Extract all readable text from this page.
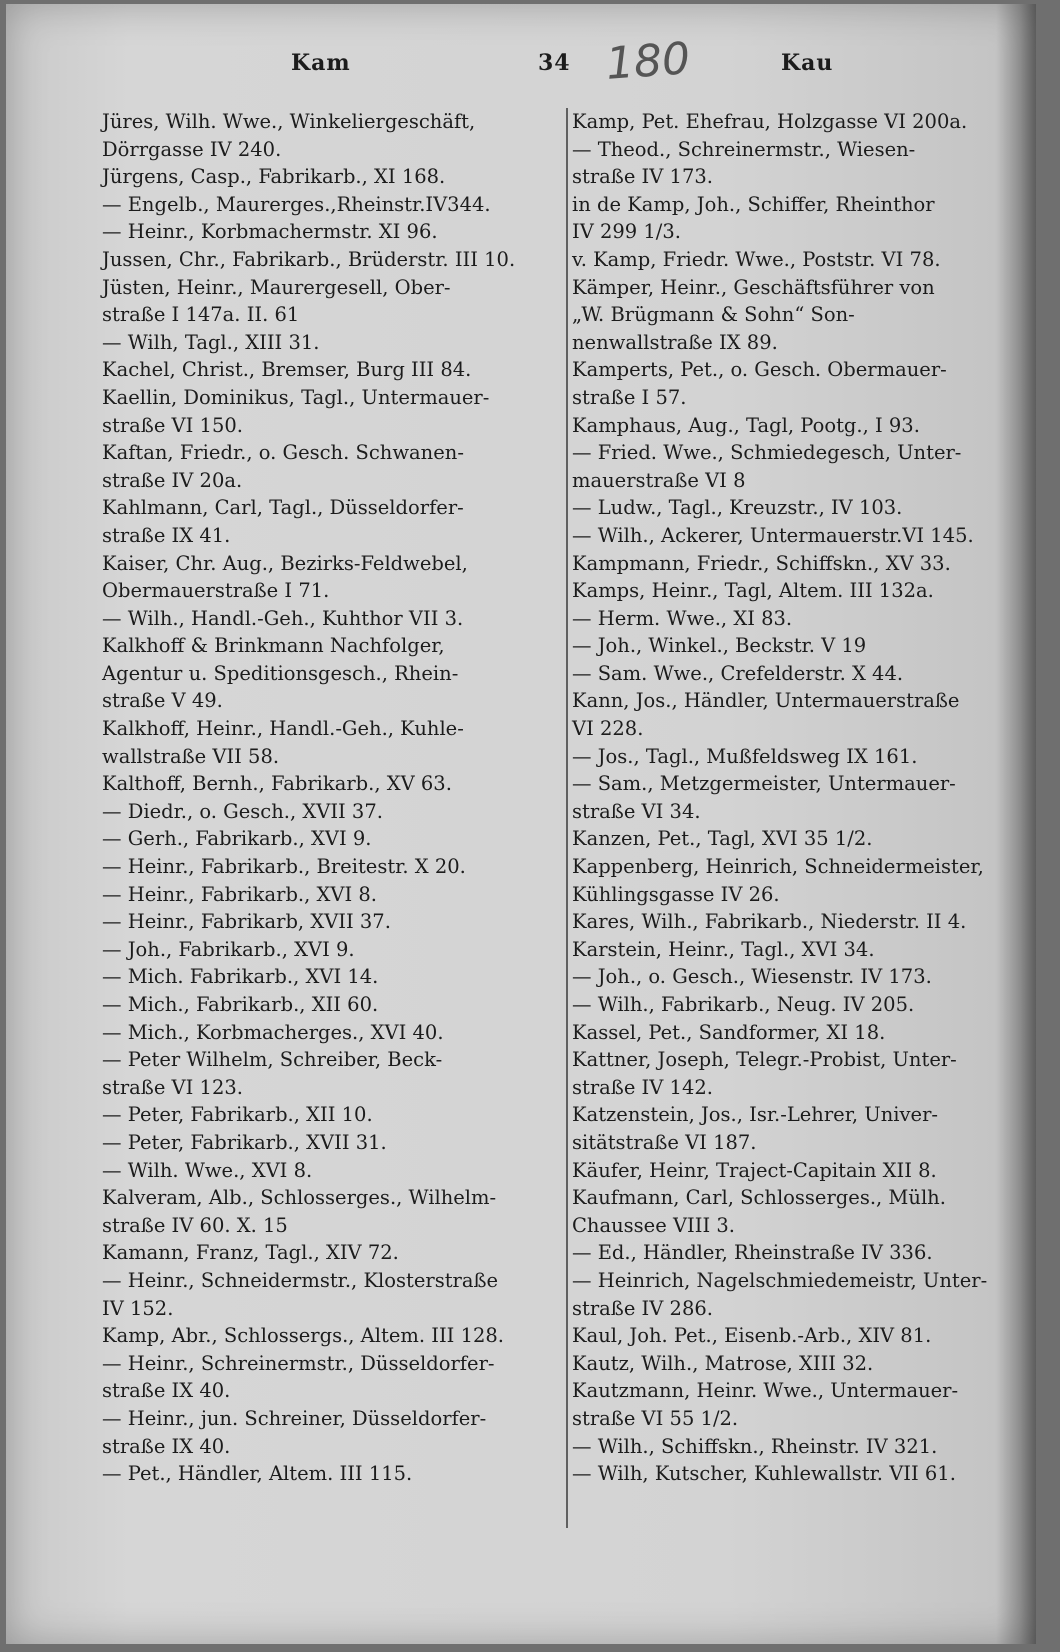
Kam	34 180	Kau

Jüres, Wilh. Wwe., Winkeliergeschäft,

Dörrgasse IV 240.

Jürgens, Casp., Fabrikarb., XI 168.

— Engelb., Maurerges.,Rheinstr.IV344.

— Heinr., Korbmachermstr. XI 96.

Jussen, Chr., Fabrikarb., Brüderstr. III 10.

Jüsten, Heinr., Maurergesell, Ober-

straße I 147a. II. 61

— Wilh, Tagl., XIII 31.

Kachel, Christ., Bremser, Burg III 84.

Kaellin, Dominikus, Tagl., Untermauer-

straße VI 150.

Kaftan, Friedr., o. Gesch. Schwanen-

straße IV 20a.

Kahlmann, Carl, Tagl., Düsseldorfer-

straße IX 41.

Kaiser, Chr. Aug., Bezirks-Feldwebel,

Obermauerstraße I 71.

— Wilh., Handl.-Geh., Kuhthor VII 3.

Kalkhoff & Brinkmann Nachfolger,

Agentur u. Speditionsgesch., Rhein-

straße V 49.

Kalkhoff, Heinr., Handl.-Geh., Kuhle-

wallstraße VII 58.

Kalthoff, Bernh., Fabrikarb., XV 63.

— Diedr., o. Gesch., XVII 37.

— Gerh., Fabrikarb., XVI 9.

— Heinr., Fabrikarb., Breitestr. X 20.

— Heinr., Fabrikarb., XVI 8.

— Heinr., Fabrikarb, XVII 37.

— Joh., Fabrikarb., XVI 9.

— Mich. Fabrikarb., XVI 14.

— Mich., Fabrikarb., XII 60.

— Mich., Korbmacherges., XVI 40.

— Peter Wilhelm, Schreiber, Beck-

straße VI 123.

— Peter, Fabrikarb., XII 10.

— Peter, Fabrikarb., XVII 31.

— Wilh. Wwe., XVI 8.

Kalveram, Alb., Schlosserges., Wilhelm-

straße IV 60. X. 15

Kamann, Franz, Tagl., XIV 72.

— Heinr., Schneidermstr., Klosterstraße

IV 152.

Kamp, Abr., Schlossergs., Altem. III 128.

— Heinr., Schreinermstr., Düsseldorfer-

straße IX 40.

— Heinr., jun. Schreiner, Düsseldorfer-

straße IX 40.

— Pet., Händler, Altem. III 115.

Kamp, Pet. Ehefrau, Holzgasse VI 200a.

— Theod., Schreinermstr., Wiesen-

straße IV 173.

in de Kamp, Joh., Schiffer, Rheinthor

IV 299 1/3.

v. Kamp, Friedr. Wwe., Poststr. VI 78.

Kämper, Heinr., Geschäftsführer von

„W. Brügmann & Sohn“ Son-

nenwallstraße IX 89.

Kamperts, Pet., o. Gesch. Obermauer-

straße I 57.

Kamphaus, Aug., Tagl, Pootg., I 93.

— Fried. Wwe., Schmiedegesch, Unter-

mauerstraße VI 8

— Ludw., Tagl., Kreuzstr., IV 103.

— Wilh., Ackerer, Untermauerstr.VI 145.

Kampmann, Friedr., Schiffskn., XV 33.

Kamps, Heinr., Tagl, Altem. III 132a.

— Herm. Wwe., XI 83.

— Joh., Winkel., Beckstr. V 19

— Sam. Wwe., Crefelderstr. X 44.

Kann, Jos., Händler, Untermauerstraße

VI 228.

— Jos., Tagl., Mußfeldsweg IX 161.

— Sam., Metzgermeister, Untermauer-

straße VI 34.

Kanzen, Pet., Tagl, XVI 35 1/2.

Kappenberg, Heinrich, Schneidermeister,

Kühlingsgasse IV 26.

Kares, Wilh., Fabrikarb., Niederstr. II 4.

Karstein, Heinr., Tagl., XVI 34.

— Joh., o. Gesch., Wiesenstr. IV 173.

— Wilh., Fabrikarb., Neug. IV 205.

Kassel, Pet., Sandformer, XI 18.

Kattner, Joseph, Telegr.-Probist, Unter-

straße IV 142.

Katzenstein, Jos., Isr.-Lehrer, Univer-

sitätstraße VI 187.

Käufer, Heinr, Traject-Capitain XII 8.

Kaufmann, Carl, Schlosserges., Mülh.

Chaussee VIII 3.

— Ed., Händler, Rheinstraße IV 336.

— Heinrich, Nagelschmiedemeistr, Unter-

straße IV 286.

Kaul, Joh. Pet., Eisenb.-Arb., XIV 81.

Kautz, Wilh., Matrose, XIII 32.

Kautzmann, Heinr. Wwe., Untermauer-

straße VI 55 1/2.

— Wilh., Schiffskn., Rheinstr. IV 321.

— Wilh, Kutscher, Kuhlewallstr. VII 61.
